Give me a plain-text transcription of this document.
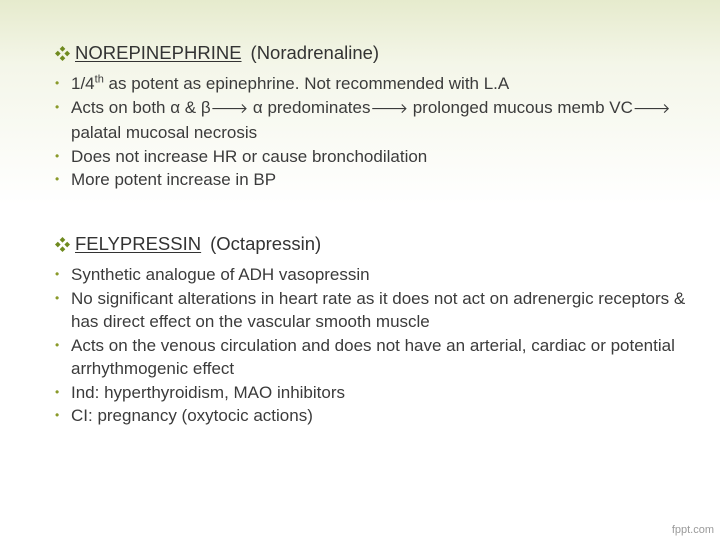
NOREPINEPHRINE (Noradrenaline)
• 1/4th as potent as epinephrine. Not recommended with L.A
• Acts on both α & β🡒 α predominates🡒 prolonged mucous memb VC🡒 palatal mucosal necrosis
• Does not increase HR or cause bronchodilation
• More potent increase in BP
FELYPRESSIN (Octapressin)
• Synthetic analogue of ADH vasopressin
• No significant alterations in heart rate as it does not act on adrenergic receptors & has direct effect on the vascular smooth muscle
• Acts on the venous circulation and does not have an arterial, cardiac or potential arrhythmogenic effect
• Ind: hyperthyroidism, MAO inhibitors
• CI: pregnancy (oxytocic actions)
fppt.com
